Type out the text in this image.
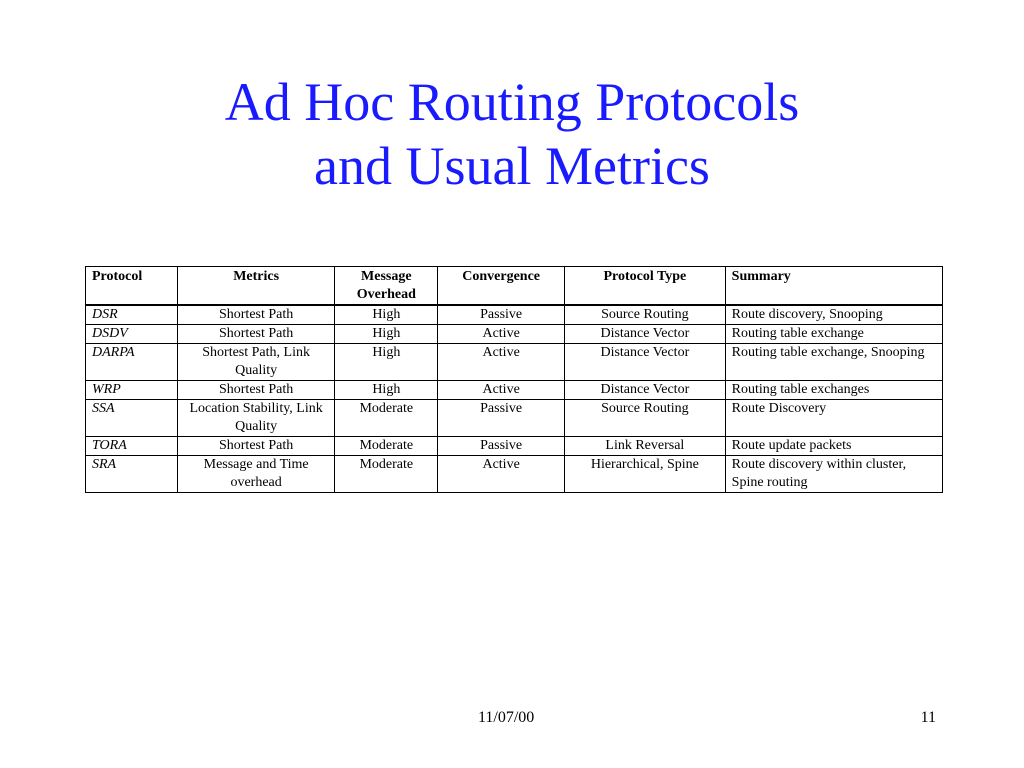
Ad Hoc Routing Protocols
and Usual Metrics
Protocol	Metrics	Message Overhead	Convergence	Protocol Type	Summary
DSR	Shortest Path	High	Passive	Source Routing	Route discovery, Snooping
DSDV	Shortest Path	High	Active	Distance Vector	Routing table exchange
DARPA	Shortest Path, Link Quality	High	Active	Distance Vector	Routing table exchange, Snooping
WRP	Shortest Path	High	Active	Distance Vector	Routing table exchanges
SSA	Location Stability, Link Quality	Moderate	Passive	Source Routing	Route Discovery
TORA	Shortest Path	Moderate	Passive	Link Reversal	Route update packets
SRA	Message and Time overhead	Moderate	Active	Hierarchical, Spine	Route discovery within cluster, Spine routing
11/07/00	11
